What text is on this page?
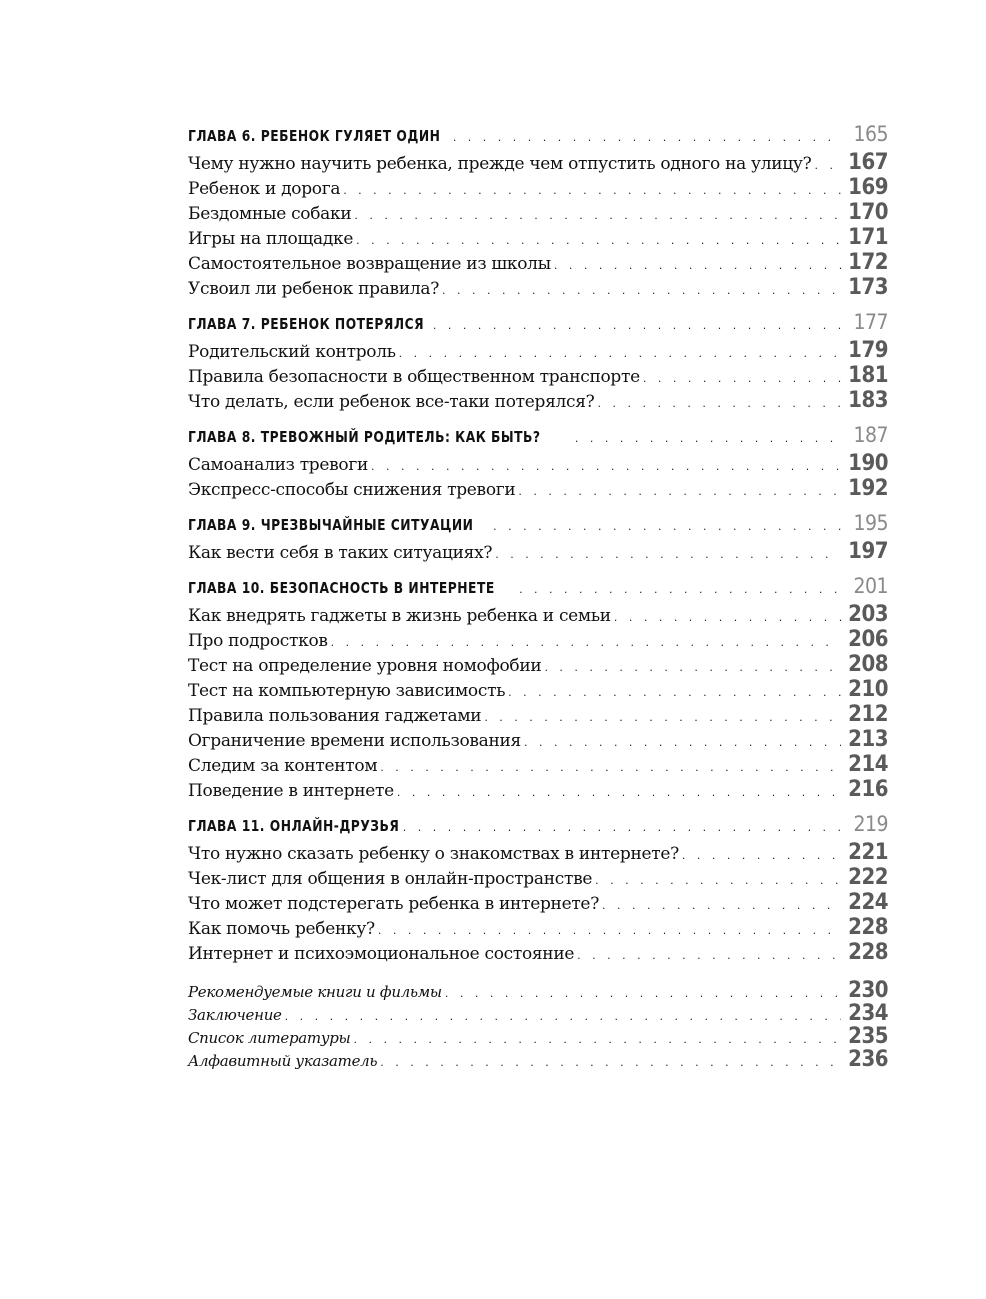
ГЛАВА 6. РЕБЕНОК ГУЛЯЕТ ОДИН . . .	165
Чему нужно научить ребенка, прежде чем отпустить одного на улицу? . . . 167
Ребенок и дорога . . .	169
Бездомные собаки . . .	170
Игры на площадке . . .	171
Самостоятельное возвращение из школы . . .	172
Усвоил ли ребенок правила? . . .	173
ГЛАВА 7. РЕБЕНОК ПОТЕРЯЛСЯ . . .	177
Родительский контроль . . .	179
Правила безопасности в общественном транспорте . . .	181
Что делать, если ребенок все-таки потерялся? . . .	183
ГЛАВА 8. ТРЕВОЖНЫЙ РОДИТЕЛЬ: КАК БЫТЬ? . . .	187
Самоанализ тревоги . . .	190
Экспресс-способы снижения тревоги . . .	192
ГЛАВА 9. ЧРЕЗВЫЧАЙНЫЕ СИТУАЦИИ . . .	195
Как вести себя в таких ситуациях? . . .	197
ГЛАВА 10. БЕЗОПАСНОСТЬ В ИНТЕРНЕТЕ . . .	201
Как внедрять гаджеты в жизнь ребенка и семьи . . .	203
Про подростков . . .	206
Тест на определение уровня номофобии . . .	208
Тест на компьютерную зависимость . . .	210
Правила пользования гаджетами . . .	212
Ограничение времени использования . . .	213
Следим за контентом . . .	214
Поведение в интернете . . .	216
ГЛАВА 11. ОНЛАЙН-ДРУЗЬЯ . . .	219
Что нужно сказать ребенку о знакомствах в интернете? . . .	221
Чек-лист для общения в онлайн-пространстве . . .	222
Что может подстерегать ребенка в интернете? . . .	224
Как помочь ребенку? . . .	228
Интернет и психоэмоциональное состояние . . .	228
Рекомендуемые книги и фильмы . . .	230
Заключение . . .	234
Список литературы . . .	235
Алфавитный указатель . . .	236
